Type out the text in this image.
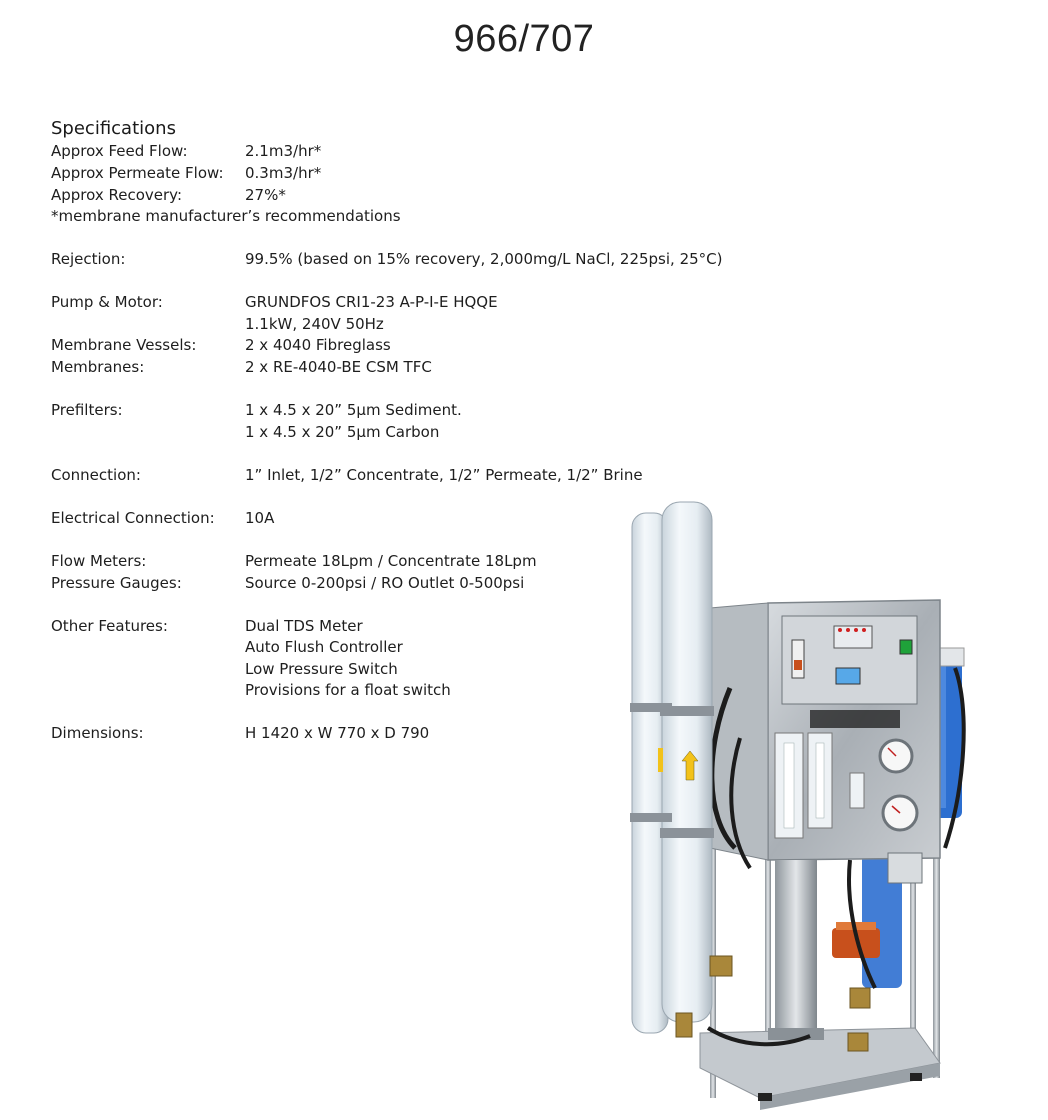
966/707
Specifications
Approx Feed Flow:	2.1m3/hr*
Approx Permeate Flow: 0.3m3/hr*
Approx Recovery:	27%*
*membrane manufacturer’s recommendations
Rejection:	99.5% (based on 15% recovery, 2,000mg/L NaCl, 225psi, 25°C)
Pump & Motor:	GRUNDFOS CRI1-23 A-P-I-E HQQE
1.1kW, 240V 50Hz
Membrane Vessels:	2 x 4040 Fibreglass
Membranes:	2 x RE-4040-BE CSM TFC
Prefilters:	1 x 4.5 x 20” 5µm Sediment.
1 x 4.5 x 20” 5µm Carbon
Connection:	1” Inlet, 1/2” Concentrate, 1/2” Permeate, 1/2” Brine
Electrical Connection: 10A
Flow Meters:	Permeate 18Lpm / Concentrate 18Lpm
Pressure Gauges:	Source 0-200psi / RO Outlet 0-500psi
Other Features:	Dual TDS Meter
Auto Flush Controller
Low Pressure Switch
Provisions for a float switch
Dimensions:	H 1420 x W 770 x D 790
